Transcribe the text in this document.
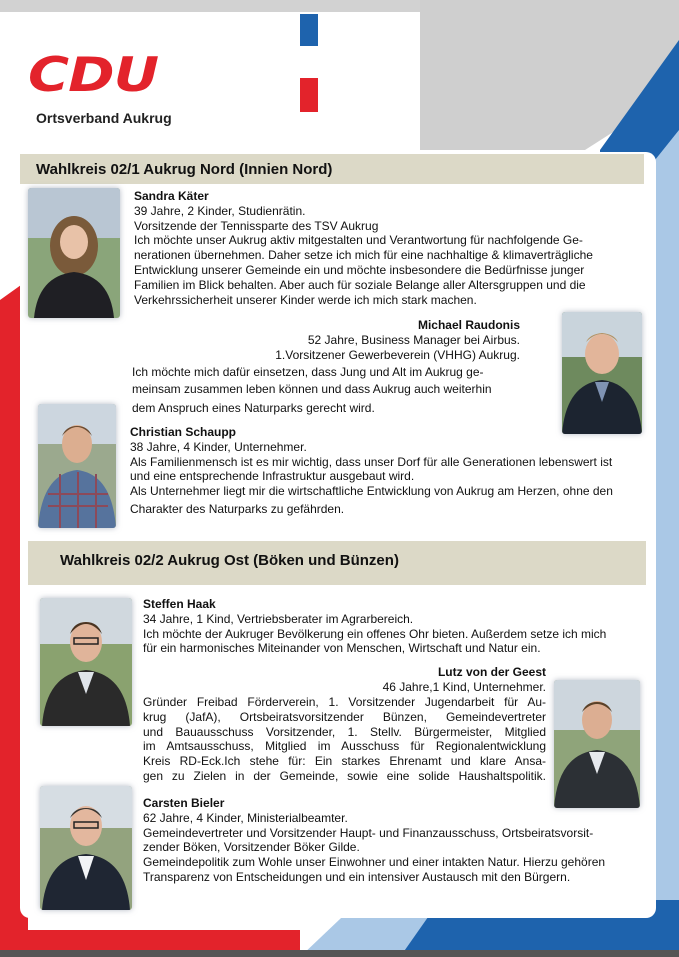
CDU
Ortsverband Aukrug
Wahlkreis 02/1 Aukrug Nord (Innien Nord)
Sandra Käter

39 Jahre, 2 Kinder, Studienrätin.

Vorsitzende der Tennissparte des TSV Aukrug

Ich möchte unser Aukrug aktiv mitgestalten und Verantwortung für nachfolgende Ge-

nerationen übernehmen. Daher setze ich mich für eine nachhaltige & klimaverträgliche

Entwicklung unserer Gemeinde ein und möchte insbesondere die Bedürfnisse junger

Familien im Blick behalten. Aber auch für soziale Belange aller Altersgruppen und die

Verkehrssicherheit unserer Kinder werde ich mich stark machen.

Michael Raudonis

52 Jahre, Business Manager bei Airbus.

1.Vorsitzener Gewerbeverein (VHHG) Aukrug.

Ich möchte mich dafür einsetzen, dass Jung und Alt im Aukrug ge-

meinsam zusammen leben können und dass Aukrug auch weiterhin

dem Anspruch eines Naturparks gerecht wird.

Christian Schaupp

38 Jahre, 4 Kinder, Unternehmer.

Als Familienmensch ist es mir wichtig, dass unser Dorf für alle Generationen lebenswert ist

und eine entsprechende Infrastruktur ausgebaut wird.

Als Unternehmer liegt mir die wirtschaftliche Entwicklung von Aukrug am Herzen, ohne den

Charakter des Naturparks zu gefährden.

Wahlkreis 02/2 Aukrug Ost (Böken und Bünzen)
Steffen Haak

34 Jahre, 1 Kind, Vertriebsberater im Agrarbereich.

Ich möchte der Aukruger Bevölkerung ein offenes Ohr bieten. Außerdem setze ich mich

für ein harmonisches Miteinander von Menschen, Wirtschaft und Natur ein.

Lutz von der Geest

46 Jahre,1 Kind, Unternehmer.

Gründer Freibad Förderverein, 1. Vorsitzender Jugendarbeit für Au-

krug (JafA), Ortsbeiratsvorsitzender Bünzen, Gemeindevertreter

und Bauausschuss Vorsitzender, 1. Stellv. Bürgermeister, Mitglied

im Amtsausschuss, Mitglied im Ausschuss für Regionalentwicklung

Kreis RD-Eck.Ich stehe für: Ein starkes Ehrenamt und klare Ansa-

gen zu Zielen in der Gemeinde, sowie eine solide Haushaltspolitik.

Carsten Bieler

62 Jahre, 4 Kinder, Ministerialbeamter.

Gemeindevertreter und Vorsitzender Haupt- und Finanzausschuss, Ortsbeiratsvorsit-

zender Böken, Vorsitzender Böker Gilde.

Gemeindepolitik zum Wohle unser Einwohner und einer intakten Natur. Hierzu gehören

Transparenz von Entscheidungen und ein intensiver Austausch mit den Bürgern.
